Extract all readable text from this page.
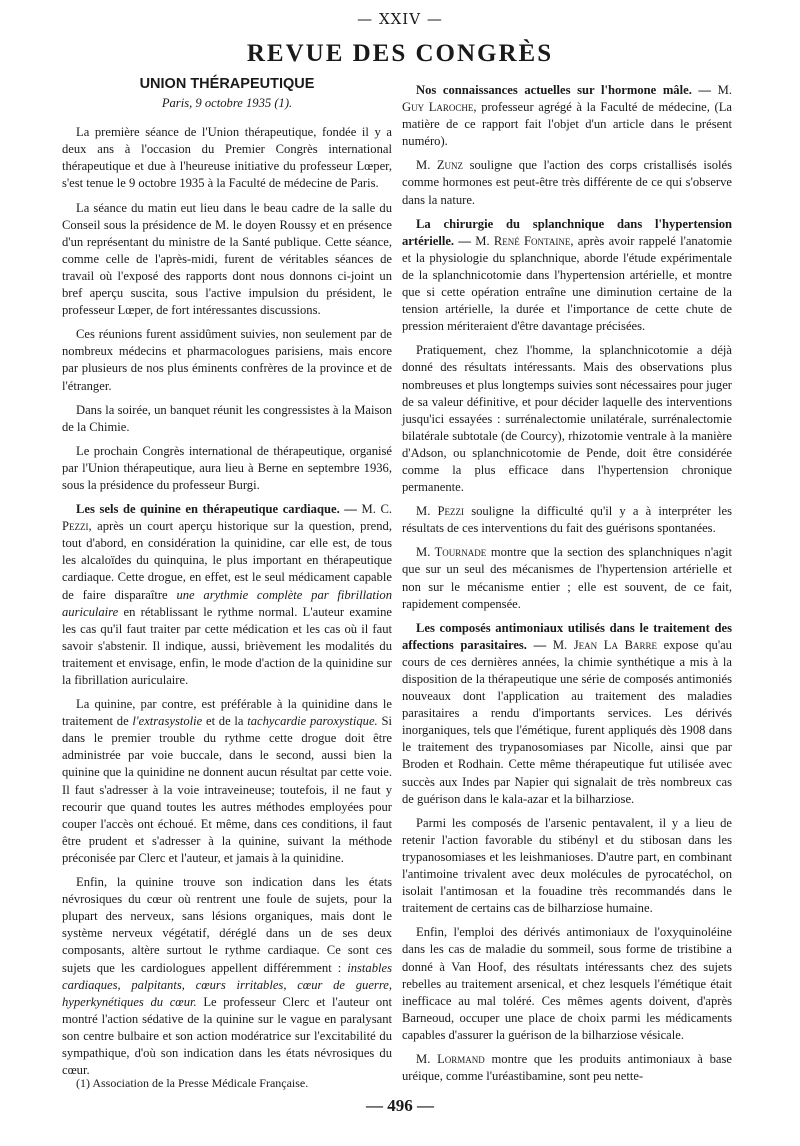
— XXIV —
REVUE DES CONGRÈS
UNION THÉRAPEUTIQUE
Paris, 9 octobre 1935 (1).

La première séance de l'Union thérapeutique, fondée il y a deux ans à l'occasion du Premier Congrès international thérapeutique et due à l'heureuse initiative du professeur Lœper, s'est tenue le 9 octobre 1935 à la Faculté de médecine de Paris.

La séance du matin eut lieu dans le beau cadre de la salle du Conseil sous la présidence de M. le doyen Roussy et en présence d'un représentant du ministre de la Santé publique. Cette séance, comme celle de l'après-midi, furent de véritables séances de travail où l'exposé des rapports dont nous donnons ci-joint un bref aperçu suscita, sous l'active impulsion du président, le professeur Lœper, de fort intéressantes discussions.

Ces réunions furent assidûment suivies, non seulement par de nombreux médecins et pharmacologues parisiens, mais encore par plusieurs de nos plus éminents confrères de la province et de l'étranger.

Dans la soirée, un banquet réunit les congressistes à la Maison de la Chimie.

Le prochain Congrès international de thérapeutique, organisé par l'Union thérapeutique, aura lieu à Berne en septembre 1936, sous la présidence du professeur Burgi.

Les sels de quinine en thérapeutique cardiaque. — M. C. Pezzi, après un court aperçu historique sur la question, prend, tout d'abord, en considération la quinidine, car elle est, de tous les alcaloïdes du quinquina, le plus important en thérapeutique cardiaque. Cette drogue, en effet, est le seul médicament capable de faire disparaître une arythmie complète par fibrillation auriculaire en rétablissant le rythme normal. L'auteur examine les cas qu'il faut traiter par cette médication et les cas où il faut savoir s'abstenir. Il indique, aussi, brièvement les modalités du traitement et envisage, enfin, le mode d'action de la quinidine sur la fibrillation auriculaire.

La quinine, par contre, est préférable à la quinidine dans le traitement de l'extrasystolie et de la tachycardie paroxystique. Si dans le premier trouble du rythme cette drogue doit être administrée par voie buccale, dans le second, aussi bien la quinine que la quinidine ne donnent aucun résultat par cette voie. Il faut s'adresser à la voie intraveineuse; toutefois, il ne faut y recourir que quand toutes les autres méthodes employées pour couper l'accès ont échoué. Et même, dans ces conditions, il faut être prudent et s'adresser à la quinine, suivant la méthode préconisée par Clerc et l'auteur, et jamais à la quinidine.

Enfin, la quinine trouve son indication dans les états névrosiques du cœur où rentrent une foule de sujets, pour la plupart des nerveux, sans lésions organiques, mais dont le système nerveux végétatif, déréglé dans un de ses deux composants, altère surtout le rythme cardiaque. Ce sont ces sujets que les cardiologues appellent différemment : instables cardiaques, palpitants, cœurs irritables, cœur de guerre, hyperkynétiques du cœur. Le professeur Clerc et l'auteur ont montré l'action sédative de la quinine sur le vague en paralysant son centre bulbaire et son action modératrice sur l'excitabilité du sympathique, d'où son indication dans les états névrosiques du cœur.

Nos connaissances actuelles sur l'hormone mâle. — M. Guy Laroche, professeur agrégé à la Faculté de médecine, (La matière de ce rapport fait l'objet d'un article dans le présent numéro).

M. Zunz souligne que l'action des corps cristallisés isolés comme hormones est peut-être très différente de ce qui s'observe dans la nature.

La chirurgie du splanchnique dans l'hypertension artérielle. — M. René Fontaine, après avoir rappelé l'anatomie et la physiologie du splanchnique, aborde l'étude expérimentale de la splanchnicotomie dans l'hypertension artérielle, et montre que si cette opération entraîne une diminution certaine de la tension artérielle, la durée et l'importance de cette chute de pression mériteraient d'être davantage précisées.

Pratiquement, chez l'homme, la splanchnicotomie a déjà donné des résultats intéressants. Mais des observations plus nombreuses et plus longtemps suivies sont nécessaires pour juger de sa valeur définitive, et pour décider laquelle des interventions jusqu'ici essayées : surrénalectomie unilatérale, surrénalectomie bilatérale subtotale (de Courcy), rhizotomie ventrale à la manière d'Adson, ou splanchnicotomie de Pende, doit être considérée comme la plus efficace dans l'hypertension chronique permanente.

M. Pezzi souligne la difficulté qu'il y a à interpréter les résultats de ces interventions du fait des guérisons spontanées.

M. Tournade montre que la section des splanchniques n'agit que sur un seul des mécanismes de l'hypertension artérielle et non sur le mécanisme entier ; elle est souvent, de ce fait, rapidement compensée.

Les composés antimoniaux utilisés dans le traitement des affections parasitaires. — M. Jean La Barre expose qu'au cours de ces dernières années, la chimie synthétique a mis à la disposition de la thérapeutique une série de composés antimoniés nouveaux dont l'application au traitement des maladies parasitaires a rendu d'importants services. Les dérivés inorganiques, tels que l'émétique, furent appliqués dès 1908 dans le traitement des trypanosomiases par Nicolle, ainsi que par Broden et Rodhain. Cette même thérapeutique fut utilisée avec succès aux Indes par Napier qui signalait de très nombreux cas de guérison dans le kala-azar et la bilharziose.

Parmi les composés de l'arsenic pentavalent, il y a lieu de retenir l'action favorable du stibényl et du stibosan dans les trypanosomiases et les leishmanioses. D'autre part, en combinant l'antimoine trivalent avec deux molécules de pyrocatéchol, on isolait l'antimosan et la fouadine très recommandés dans le traitement de certains cas de bilharziose humaine.

Enfin, l'emploi des dérivés antimoniaux de l'oxyquinoléine dans les cas de maladie du sommeil, sous forme de tristibine a donné à Van Hoof, des résultats intéressants chez des sujets rebelles au traitement arsenical, et chez lesquels l'émétique était inefficace au mal toléré. Ces mêmes agents doivent, d'après Barneoud, occuper une place de choix parmi les médicaments capables d'assurer la guérison de la bilharziose vésicale.

M. Lormand montre que les produits antimoniaux à base uréique, comme l'uréastibamine, sont peu nette-

(1) Association de la Presse Médicale Française.
— 496 —
